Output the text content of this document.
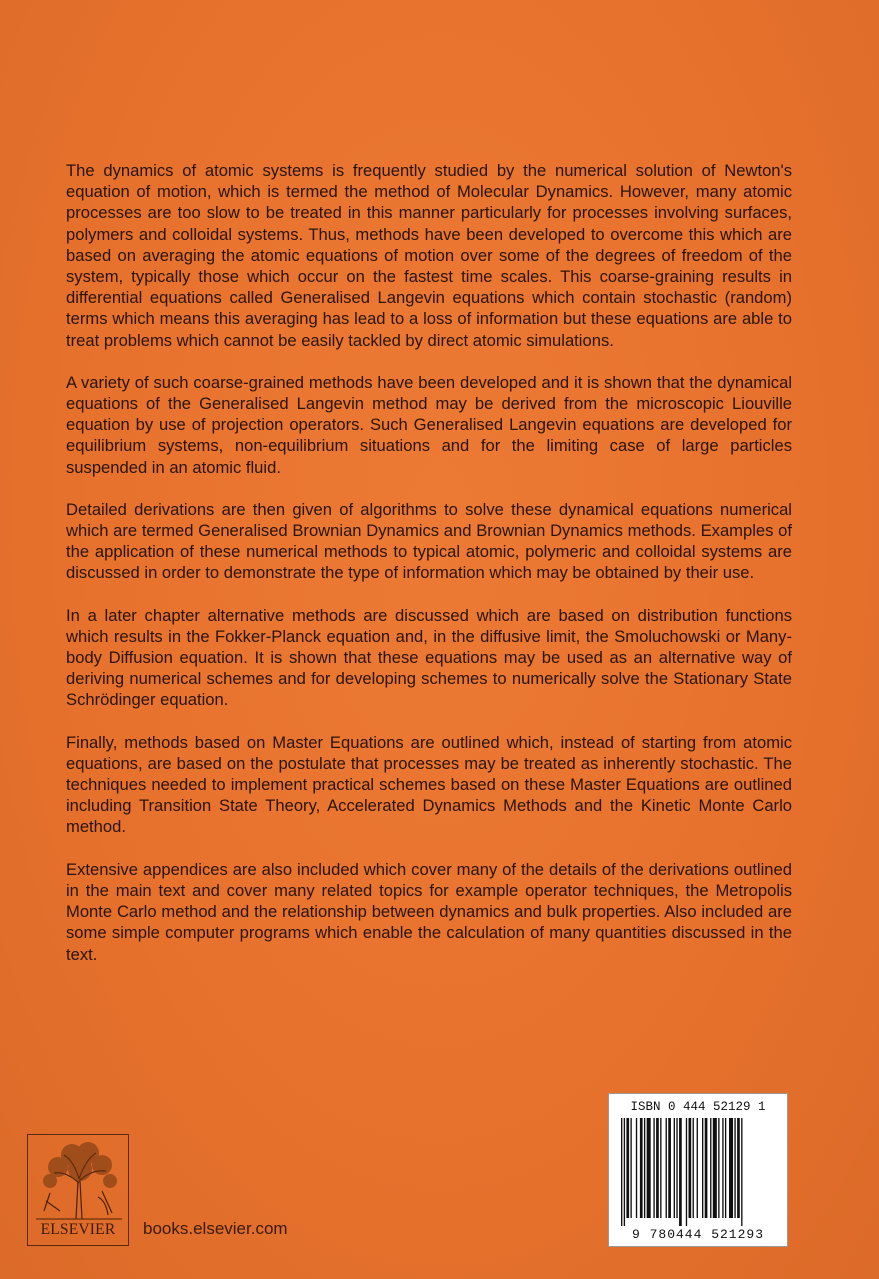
The dynamics of atomic systems is frequently studied by the numerical solution of Newton's equation of motion, which is termed the method of Molecular Dynamics. However, many atomic processes are too slow to be treated in this manner particularly for processes involving surfaces, polymers and colloidal systems. Thus, methods have been developed to overcome this which are based on averaging the atomic equations of motion over some of the degrees of freedom of the system, typically those which occur on the fastest time scales. This coarse-graining results in differential equations called Generalised Langevin equations which contain stochastic (random) terms which means this averaging has lead to a loss of information but these equations are able to treat problems which cannot be easily tackled by direct atomic simulations.

A variety of such coarse-grained methods have been developed and it is shown that the dynamical equations of the Generalised Langevin method may be derived from the microscopic Liouville equation by use of projection operators. Such Generalised Langevin equations are developed for equilibrium systems, non-equilibrium situations and for the limiting case of large particles suspended in an atomic fluid.

Detailed derivations are then given of algorithms to solve these dynamical equations numerical which are termed Generalised Brownian Dynamics and Brownian Dynamics methods. Examples of the application of these numerical methods to typical atomic, polymeric and colloidal systems are discussed in order to demonstrate the type of information which may be obtained by their use.

In a later chapter alternative methods are discussed which are based on distribution functions which results in the Fokker-Planck equation and, in the diffusive limit, the Smoluchowski or Many-body Diffusion equation. It is shown that these equations may be used as an alternative way of deriving numerical schemes and for developing schemes to numerically solve the Stationary State Schrödinger equation.

Finally, methods based on Master Equations are outlined which, instead of starting from atomic equations, are based on the postulate that processes may be treated as inherently stochastic. The techniques needed to implement practical schemes based on these Master Equations are outlined including Transition State Theory, Accelerated Dynamics Methods and the Kinetic Monte Carlo method.

Extensive appendices are also included which cover many of the details of the derivations outlined in the main text and cover many related topics for example operator techniques, the Metropolis Monte Carlo method and the relationship between dynamics and bulk properties. Also included are some simple computer programs which enable the calculation of many quantities discussed in the text.

ELSEVIER	books.elsevier.com
ISBN 0 444 52129 1
9 780444 521293
